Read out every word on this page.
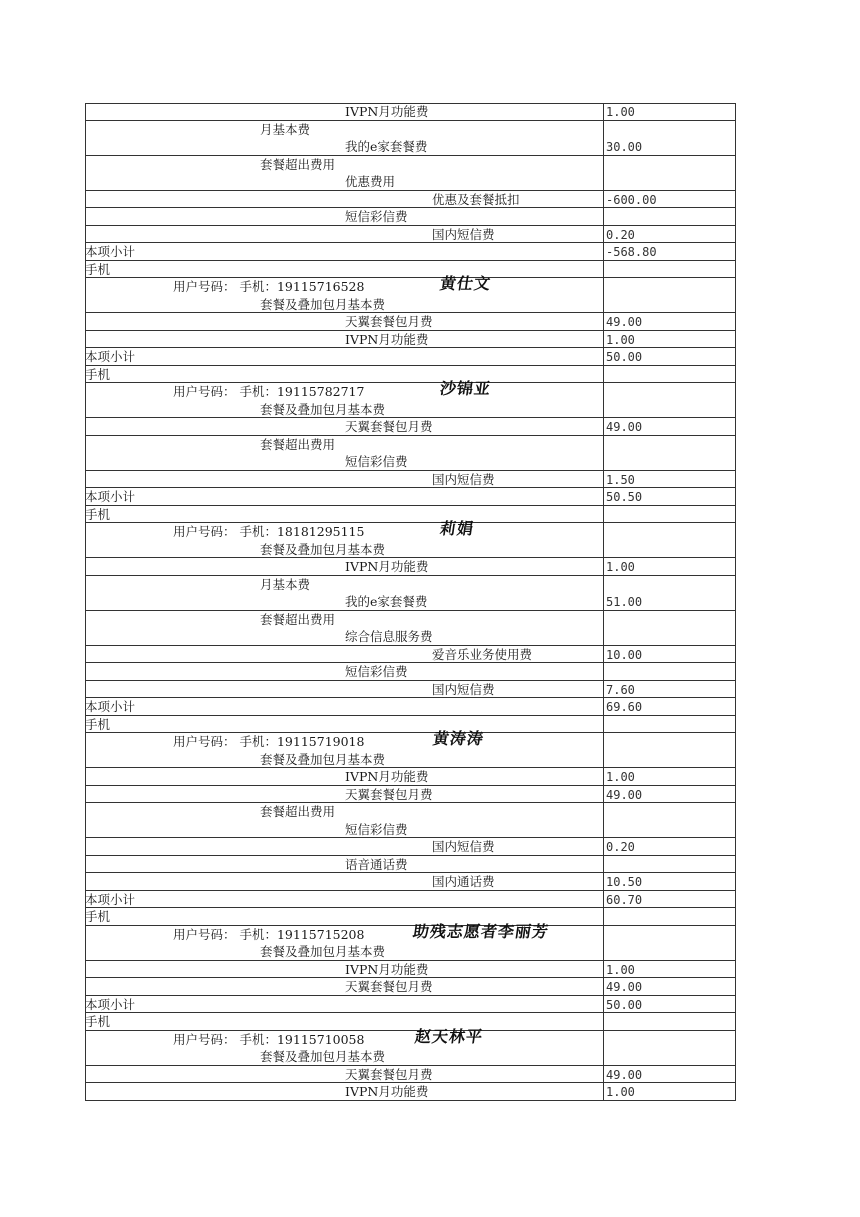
IVPN月功能费	1.00
月基本费
我的e家套餐费	30.00
套餐超出费用
优惠费用
优惠及套餐抵扣	-600.00
短信彩信费
国内短信费	0.20
本项小计	-568.80
手机
用户号码： 手机：19115716528	黄仕文
套餐及叠加包月基本费
天翼套餐包月费	49.00
IVPN月功能费	1.00
本项小计	50.00
手机
用户号码： 手机：19115782717	沙锦亚
套餐及叠加包月基本费
天翼套餐包月费	49.00
套餐超出费用
短信彩信费
国内短信费	1.50
本项小计	50.50
手机
用户号码： 手机：18181295115	莉娟
套餐及叠加包月基本费
IVPN月功能费	1.00
月基本费
我的e家套餐费	51.00
套餐超出费用
综合信息服务费
爱音乐业务使用费	10.00
短信彩信费
国内短信费	7.60
本项小计	69.60
手机
用户号码： 手机：19115719018	黄涛涛
套餐及叠加包月基本费
IVPN月功能费	1.00
天翼套餐包月费	49.00
套餐超出费用
短信彩信费
国内短信费	0.20
语音通话费
国内通话费	10.50
本项小计	60.70
手机
用户号码： 手机：19115715208	助残志愿者李丽芳
套餐及叠加包月基本费
IVPN月功能费	1.00
天翼套餐包月费	49.00
本项小计	50.00
手机
用户号码： 手机：19115710058	赵天林平
套餐及叠加包月基本费
天翼套餐包月费	49.00
IVPN月功能费	1.00
